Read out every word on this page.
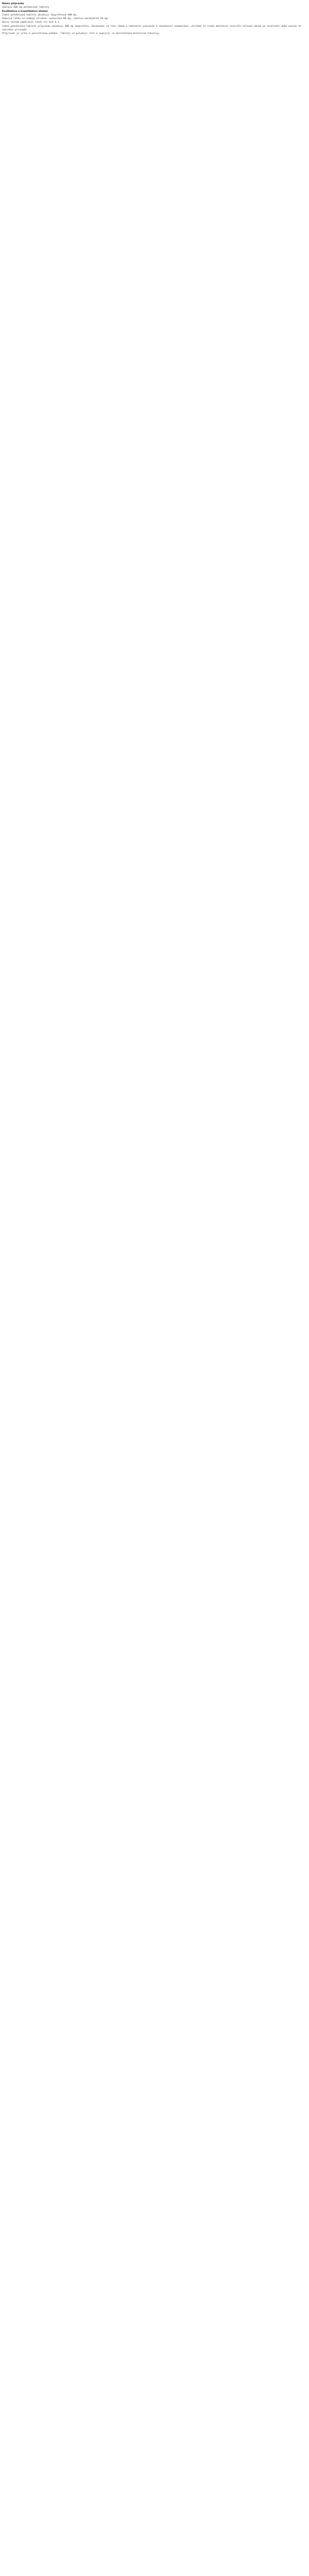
Název přípravku
Ibalgin 400 mg potahované tablety
Kvalitativní a kvantitativní složení
Jedna potahovaná tableta obsahuje ibuprofenum 400 mg.
Pomocná látka se známým účinkem: sacharóza 80 mg, laktosa monohydrát 20 mg.
Úplný seznam pomocných látek viz bod 6.1.
Jedna potahovaná tableta přípravku obsahuje 400 mg ibuprofenu. Dávkování se řídí věkem a hmotností pacienta a závažností onemocnění, přičemž je třeba dodržovat nejnižší účinnou dávku po nejkratší dobu nutnou ke zmírnění příznaků.
Přípravek je určen k perorálnímu podání. Tablety se polykají celé a zapíjejí se dostatečným množstvím tekutiny.
